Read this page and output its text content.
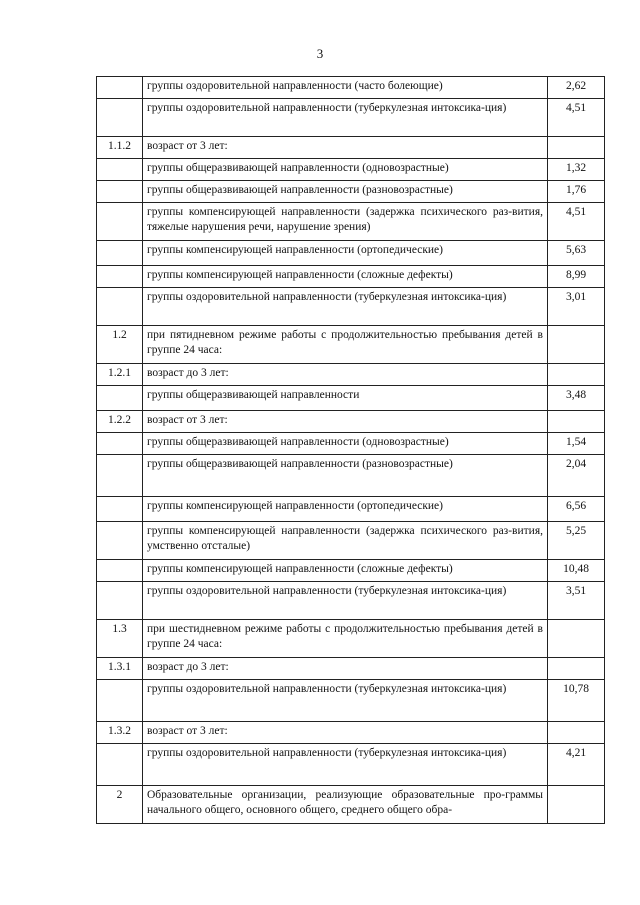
3
	группы оздоровительной направленности (часто болеющие)	2,62
	группы оздоровительной направленности (туберкулезная интоксика-ция)	4,51
1.1.2	возраст от 3 лет:	
	группы общеразвивающей направленности (одновозрастные)	1,32
	группы общеразвивающей направленности (разновозрастные)	1,76
	группы компенсирующей направленности (задержка психического раз-вития, тяжелые нарушения речи, нарушение зрения)	4,51
	группы компенсирующей направленности (ортопедические)	5,63
	группы компенсирующей направленности (сложные дефекты)	8,99
	группы оздоровительной направленности (туберкулезная интоксика-ция)	3,01
1.2	при пятидневном режиме работы с продолжительностью пребывания детей в группе 24 часа:	
1.2.1	возраст до 3 лет:	
	группы общеразвивающей направленности	3,48
1.2.2	возраст от 3 лет:	
	группы общеразвивающей направленности (одновозрастные)	1,54
	группы общеразвивающей направленности (разновозрастные)	2,04
	группы компенсирующей направленности (ортопедические)	6,56
	группы компенсирующей направленности (задержка психического раз-вития, умственно отсталые)	5,25
	группы компенсирующей направленности (сложные дефекты)	10,48
	группы оздоровительной направленности (туберкулезная интоксика-ция)	3,51
1.3	при шестидневном режиме работы с продолжительностью пребывания детей в группе 24 часа:	
1.3.1	возраст до 3 лет:	
	группы оздоровительной направленности (туберкулезная интоксика-ция)	10,78
1.3.2	возраст от 3 лет:	
	группы оздоровительной направленности (туберкулезная интоксика-ция)	4,21
2	Образовательные организации, реализующие образовательные про-граммы начального общего, основного общего, среднего общего обра-	
